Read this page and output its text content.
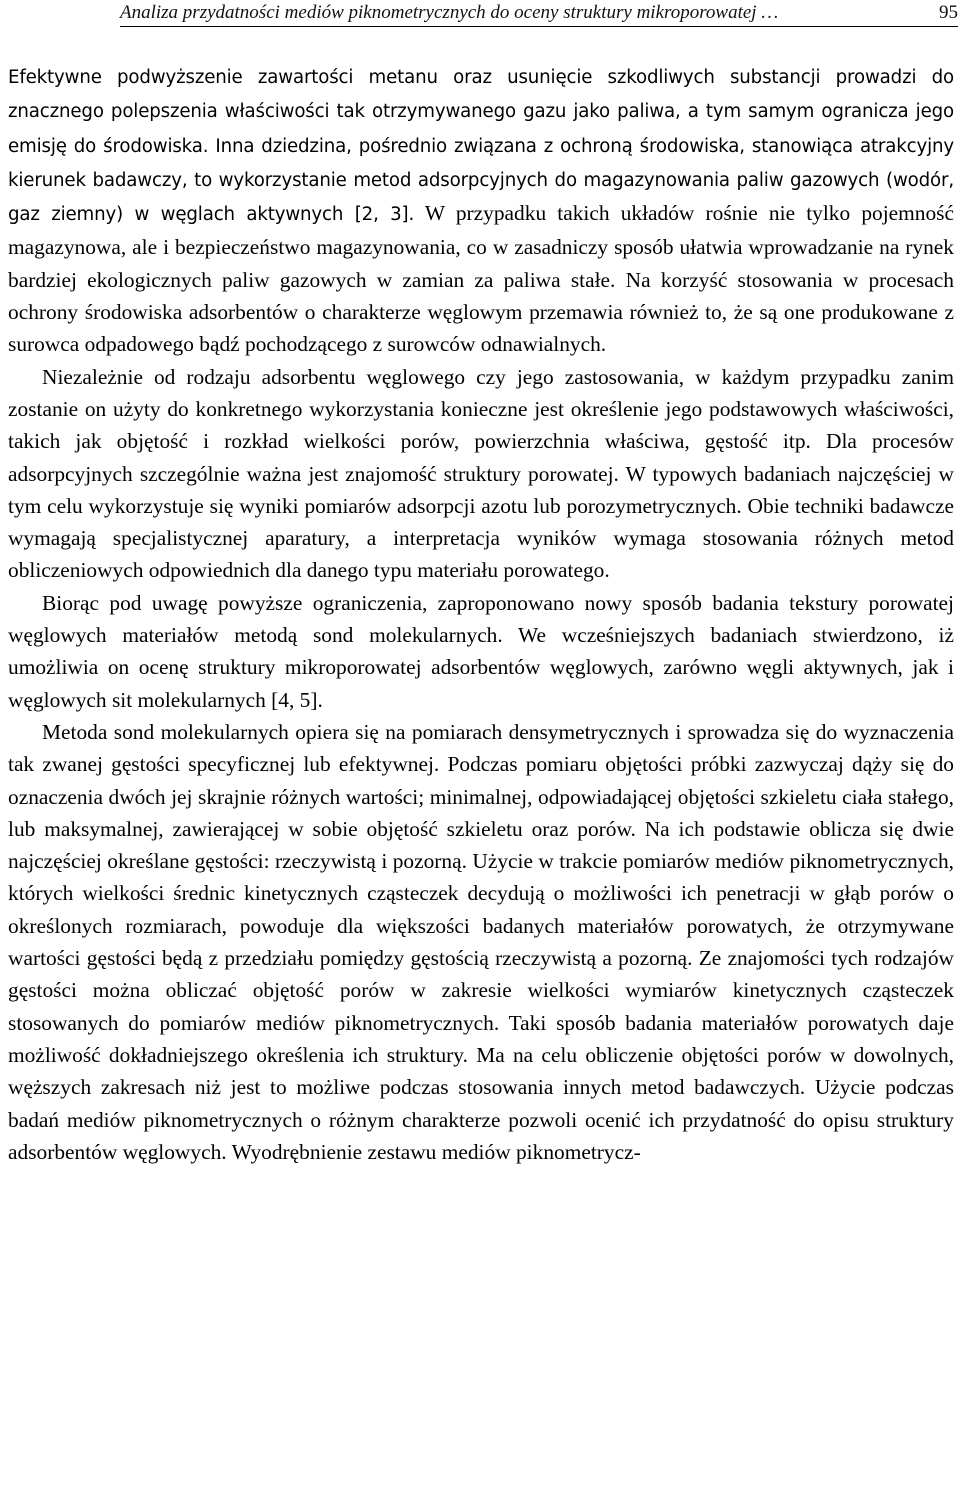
Analiza przydatności mediów piknometrycznych do oceny struktury mikroporowatej …	95

Efektywne podwyższenie zawartości metanu oraz usunięcie szkodliwych substancji prowadzi do znacznego polepszenia właściwości tak otrzymywanego gazu jako paliwa, a tym samym ogranicza jego emisję do środowiska. Inna dziedzina, pośrednio związana z ochroną środowiska, stanowiąca atrakcyjny kierunek badawczy, to wykorzystanie metod adsorpcyjnych do magazynowania paliw gazowych (wodór, gaz ziemny) w węglach aktywnych [2, 3]. W przypadku takich układów rośnie nie tylko pojemność magazynowa, ale i bezpieczeństwo magazynowania, co w zasadniczy sposób ułatwia wprowadzanie na rynek bardziej ekologicznych paliw gazowych w zamian za paliwa stałe. Na korzyść stosowania w procesach ochrony środowiska adsorbentów o charakterze węglowym przemawia również to, że są one produkowane z surowca odpadowego bądź pochodzącego z surowców odnawialnych.

Niezależnie od rodzaju adsorbentu węglowego czy jego zastosowania, w każdym przypadku zanim zostanie on użyty do konkretnego wykorzystania konieczne jest określenie jego podstawowych właściwości, takich jak objętość i rozkład wielkości porów, powierzchnia właściwa, gęstość itp. Dla procesów adsorpcyjnych szczególnie ważna jest znajomość struktury porowatej. W typowych badaniach najczęściej w tym celu wykorzystuje się wyniki pomiarów adsorpcji azotu lub porozymetrycznych. Obie techniki badawcze wymagają specjalistycznej aparatury, a interpretacja wyników wymaga stosowania różnych metod obliczeniowych odpowiednich dla danego typu materiału porowatego.

Biorąc pod uwagę powyższe ograniczenia, zaproponowano nowy sposób badania tekstury porowatej węglowych materiałów metodą sond molekularnych. We wcześniejszych badaniach stwierdzono, iż umożliwia on ocenę struktury mikroporowatej adsorbentów węglowych, zarówno węgli aktywnych, jak i węglowych sit molekularnych [4, 5].

Metoda sond molekularnych opiera się na pomiarach densymetrycznych i sprowadza się do wyznaczenia tak zwanej gęstości specyficznej lub efektywnej. Podczas pomiaru objętości próbki zazwyczaj dąży się do oznaczenia dwóch jej skrajnie różnych wartości; minimalnej, odpowiadającej objętości szkieletu ciała stałego, lub maksymalnej, zawierającej w sobie objętość szkieletu oraz porów. Na ich podstawie oblicza się dwie najczęściej określane gęstości: rzeczywistą i pozorną. Użycie w trakcie pomiarów mediów piknometrycznych, których wielkości średnic kinetycznych cząsteczek decydują o możliwości ich penetracji w głąb porów o określonych rozmiarach, powoduje dla większości badanych materiałów porowatych, że otrzymywane wartości gęstości będą z przedziału pomiędzy gęstością rzeczywistą a pozorną. Ze znajomości tych rodzajów gęstości można obliczać objętość porów w zakresie wielkości wymiarów kinetycznych cząsteczek stosowanych do pomiarów mediów piknometrycznych. Taki sposób badania materiałów porowatych daje możliwość dokładniejszego określenia ich struktury. Ma na celu obliczenie objętości porów w dowolnych, węższych zakresach niż jest to możliwe podczas stosowania innych metod badawczych. Użycie podczas badań mediów piknometrycznych o różnym charakterze pozwoli ocenić ich przydatność do opisu struktury adsorbentów węglowych. Wyodrębnienie zestawu mediów piknometrycz-
